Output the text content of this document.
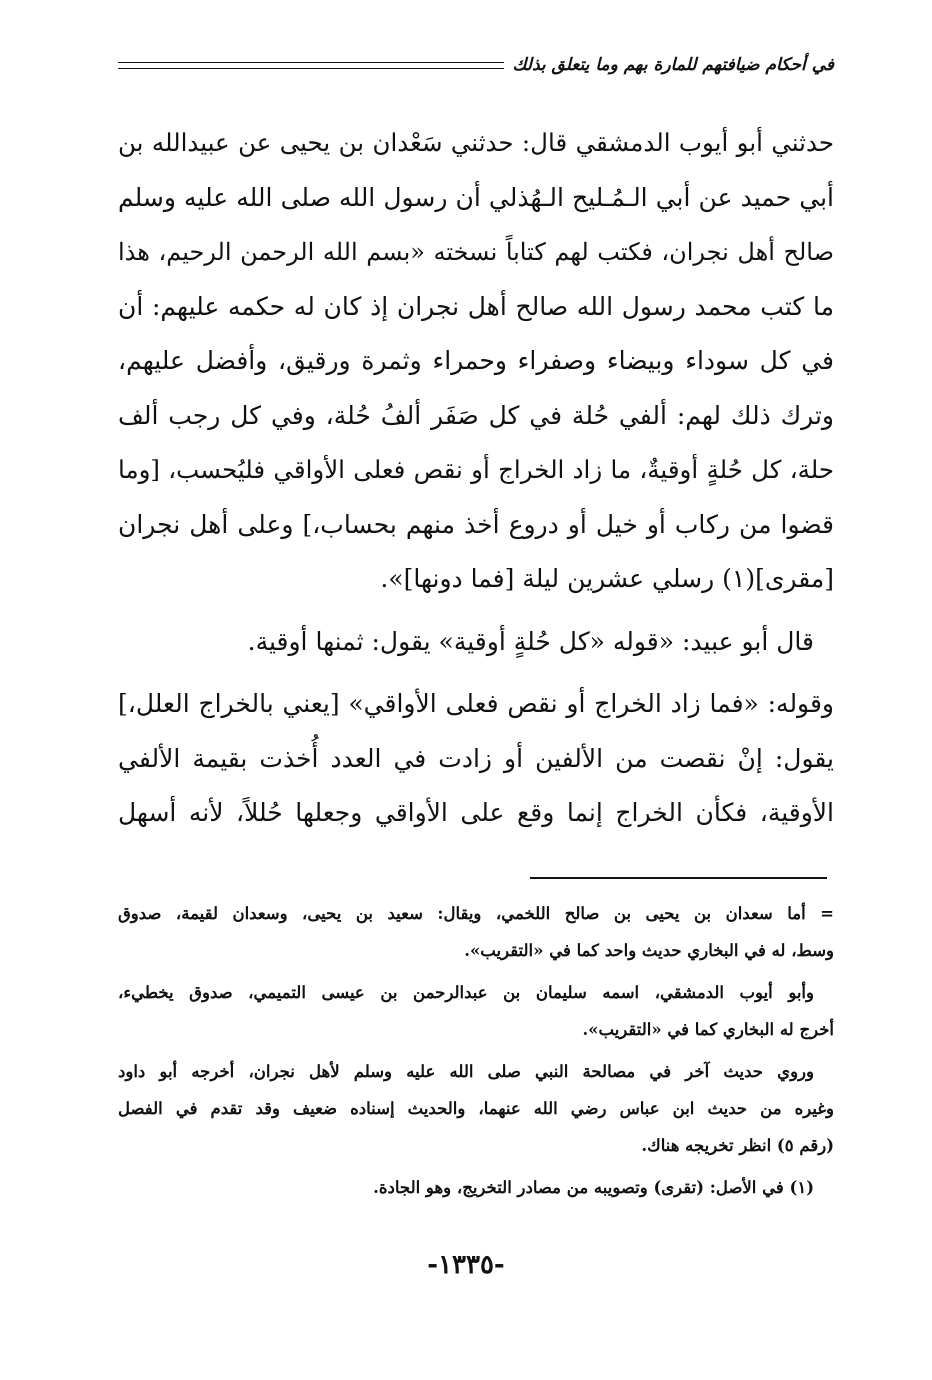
في أحكام ضيافتهم للمارة بهم وما يتعلق بذلك
حدثني أبو أيوب الدمشقي قال: حدثني سَعْدان بن يحيى عن عبيدالله بن
أبي حميد عن أبي الـمُـليح الـهُذلي أن رسول الله صلى الله عليه وسلم
صالح أهل نجران، فكتب لهم كتاباً نسخته «بسم الله الرحمن الرحيم، هذا
ما كتب محمد رسول الله صالح أهل نجران إذ كان له حكمه عليهم: أن
في كل سوداء وبيضاء وصفراء وحمراء وثمرة ورقيق، وأفضل عليهم،
وترك ذلك لهم: ألفي حُلة في كل صَفَر ألفُ حُلة، وفي كل رجب ألف
حلة، كل حُلةٍ أوقيةٌ، ما زاد الخراج أو نقص فعلى الأواقي فليُحسب، [وما
قضوا من ركاب أو خيل أو دروع أخذ منهم بحساب،] وعلى أهل نجران
[مقرى](١) رسلي عشرين ليلة [فما دونها]».
قال أبو عبيد: «قوله «كل حُلةٍ أوقية» يقول: ثمنها أوقية.
وقوله: «فما زاد الخراج أو نقص فعلى الأواقي» [يعني بالخراج العلل،]
يقول: إنْ نقصت من الألفين أو زادت في العدد أُخذت بقيمة الألفي
الأوقية، فكأن الخراج إنما وقع على الأواقي وجعلها حُللاً، لأنه أسهل
= أما سعدان بن يحيى بن صالح اللخمي، ويقال: سعيد بن يحيى، وسعدان لقيمة، صدوق
وسط، له في البخاري حديث واحد كما في «التقريب».
وأبو أيوب الدمشقي، اسمه سليمان بن عبدالرحمن بن عيسى التميمي، صدوق يخطيء،
أخرج له البخاري كما في «التقريب».
وروي حديث آخر في مصالحة النبي صلى الله عليه وسلم لأهل نجران، أخرجه أبو داود
وغيره من حديث ابن عباس رضي الله عنهما، والحديث إسناده ضعيف وقد تقدم في الفصل
(رقم ٥) انظر تخريجه هناك.
(١) في الأصل: (تقرى) وتصويبه من مصادر التخريج، وهو الجادة.
-١٣٣٥-
